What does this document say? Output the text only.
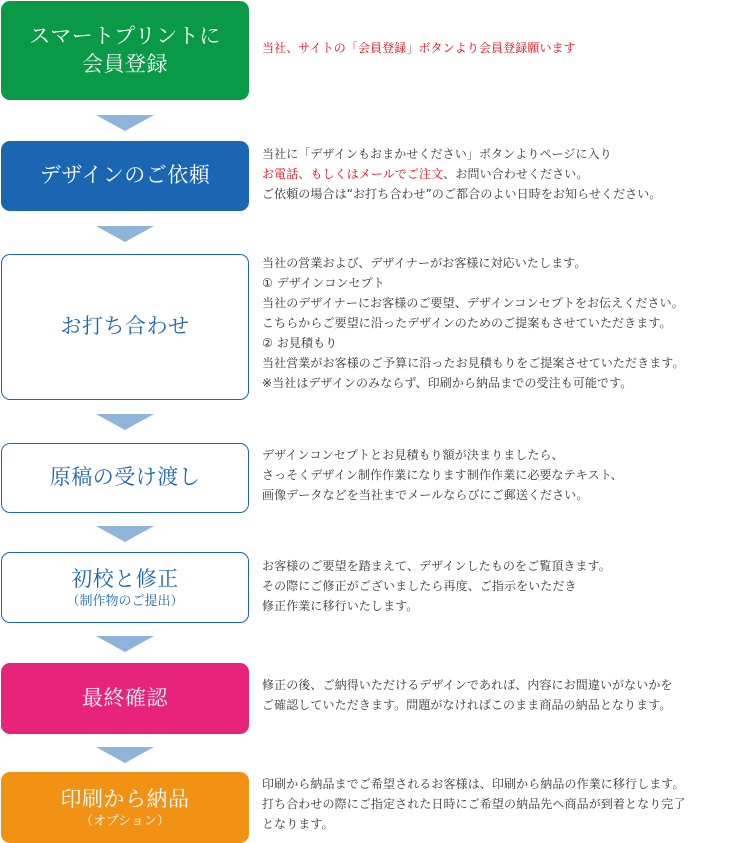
スマートプリントに
会員登録
当社、サイトの「会員登録」ボタンより会員登録願います
デザインのご依頼
当社に「デザインもおまかせください」ボタンよりページに入り
お電話、もしくはメールでご注文、お問い合わせください。
ご依頼の場合は“お打ち合わせ”のご都合のよい日時をお知らせください。
お打ち合わせ
当社の営業および、デザイナーがお客様に対応いたします。
① デザインコンセプト
当社のデザイナーにお客様のご要望、デザインコンセプトをお伝えください。
こちらからご要望に沿ったデザインのためのご提案もさせていただきます。
② お見積もり
当社営業がお客様のご予算に沿ったお見積もりをご提案させていただきます。
※当社はデザインのみならず、印刷から納品までの受注も可能です。
原稿の受け渡し
デザインコンセプトとお見積もり額が決まりましたら、
さっそくデザイン制作作業になります制作作業に必要なテキスト、
画像データなどを当社までメールならびにご郵送ください。
初校と修正
（制作物のご提出）
お客様のご要望を踏まえて、デザインしたものをご覧頂きます。
その際にご修正がございましたら再度、ご指示をいただき
修正作業に移行いたします。
最終確認
修正の後、ご納得いただけるデザインであれば、内容にお間違いがないかを
ご確認していただきます。問題がなければこのまま商品の納品となります。
印刷から納品
（オプション）
印刷から納品までご希望されるお客様は、印刷から納品の作業に移行します。
打ち合わせの際にご指定された日時にご希望の納品先へ商品が到着となり完了
となります。
